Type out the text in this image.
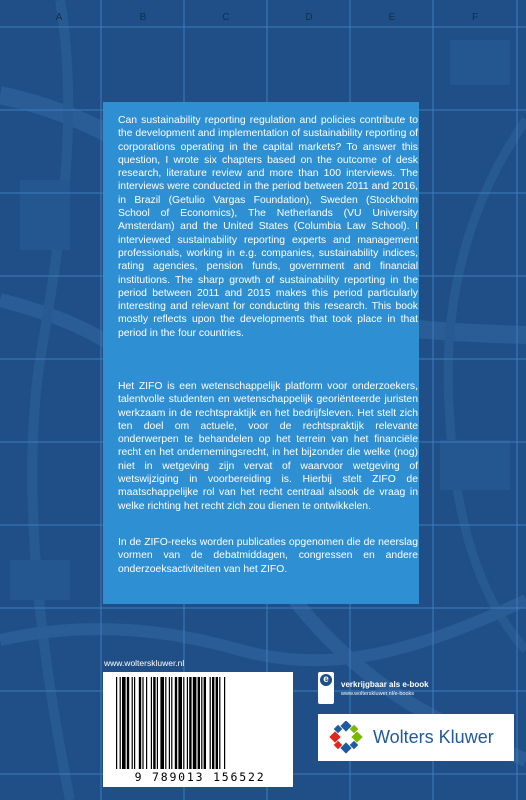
A	B	C	D	E	F

Can sustainability reporting regulation and policies contribute to the development and implementation of sustainability reporting of corporations operating in the capital markets? To answer this question, I wrote six chapters based on the outcome of desk research, literature review and more than 100 interviews. The interviews were conducted in the period between 2011 and 2016, in Brazil (Getulio Vargas Foundation), Sweden (Stockholm School of Economics), The Netherlands (VU University Amsterdam) and the United States (Columbia Law School). I interviewed sustainability reporting experts and management professionals, working in e.g. companies, sustainability indices, rating agencies, pension funds, government and financial institutions. The sharp growth of sustainability reporting in the period between 2011 and 2015 makes this period particularly interesting and relevant for conducting this research. This book mostly reflects upon the developments that took place in that period in the four countries.

Het ZIFO is een wetenschappelijk platform voor onderzoekers, talentvolle studenten en wetenschappelijk georiënteerde juristen werkzaam in de rechtspraktijk en het bedrijfsleven. Het stelt zich ten doel om actuele, voor de rechtspraktijk relevante onderwerpen te behandelen op het terrein van het financiële recht en het ondernemingsrecht, in het bijzonder die welke (nog) niet in wetgeving zijn vervat of waarvoor wetgeving of wetswijziging in voorbereiding is. Hierbij stelt ZIFO de maatschappelijke rol van het recht centraal alsook de vraag in welke richting het recht zich zou dienen te ontwikkelen.

In de ZIFO-reeks worden publicaties opgenomen die de neerslag vormen van de debatmiddagen, congressen en andere onderzoeksactiviteiten van het ZIFO.

www.wolterskluwer.nl
9 789013 156522
e	verkrijgbaar als e-book
www.wolterskluwer.nl/e-books
Wolters Kluwer
